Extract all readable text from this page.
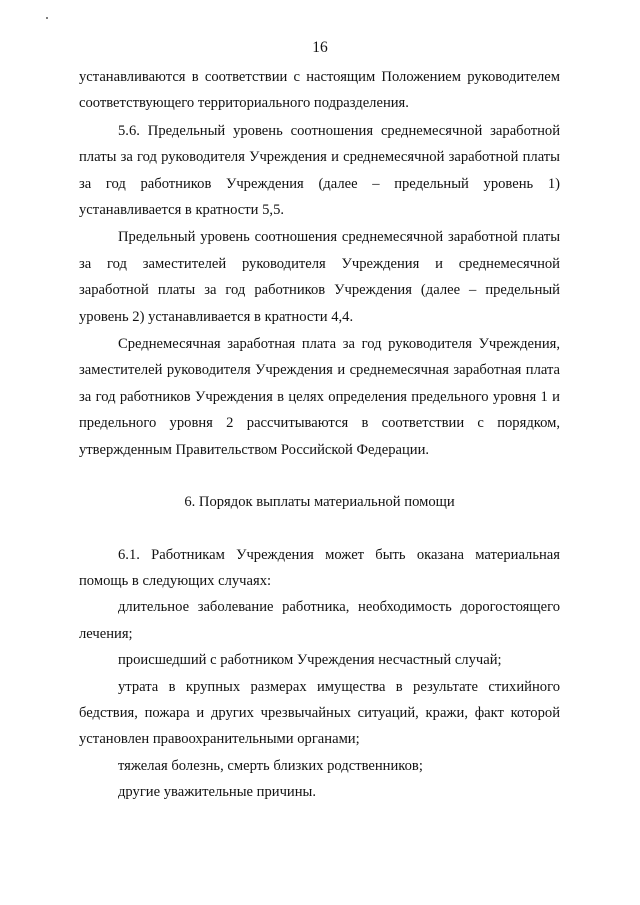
16

устанавливаются в соответствии с настоящим Положением руководителем соответствующего территориального подразделения.

5.6. Предельный уровень соотношения среднемесячной заработной платы за год руководителя Учреждения и среднемесячной заработной платы за год работников Учреждения (далее – предельный уровень 1) устанавливается в кратности 5,5.

Предельный уровень соотношения среднемесячной заработной платы за год заместителей руководителя Учреждения и среднемесячной заработной платы за год работников Учреждения (далее – предельный уровень 2) устанавливается в кратности 4,4.

Среднемесячная заработная плата за год руководителя Учреждения, заместителей руководителя Учреждения и среднемесячная заработная плата за год работников Учреждения в целях определения предельного уровня 1 и предельного уровня 2 рассчитываются в соответствии с порядком, утвержденным Правительством Российской Федерации.

6. Порядок выплаты материальной помощи

6.1. Работникам Учреждения может быть оказана материальная помощь в следующих случаях:

длительное заболевание работника, необходимость дорогостоящего лечения;

происшедший с работником Учреждения несчастный случай;

утрата в крупных размерах имущества в результате стихийного бедствия, пожара и других чрезвычайных ситуаций, кражи, факт которой установлен правоохранительными органами;

тяжелая болезнь, смерть близких родственников;

другие уважительные причины.
